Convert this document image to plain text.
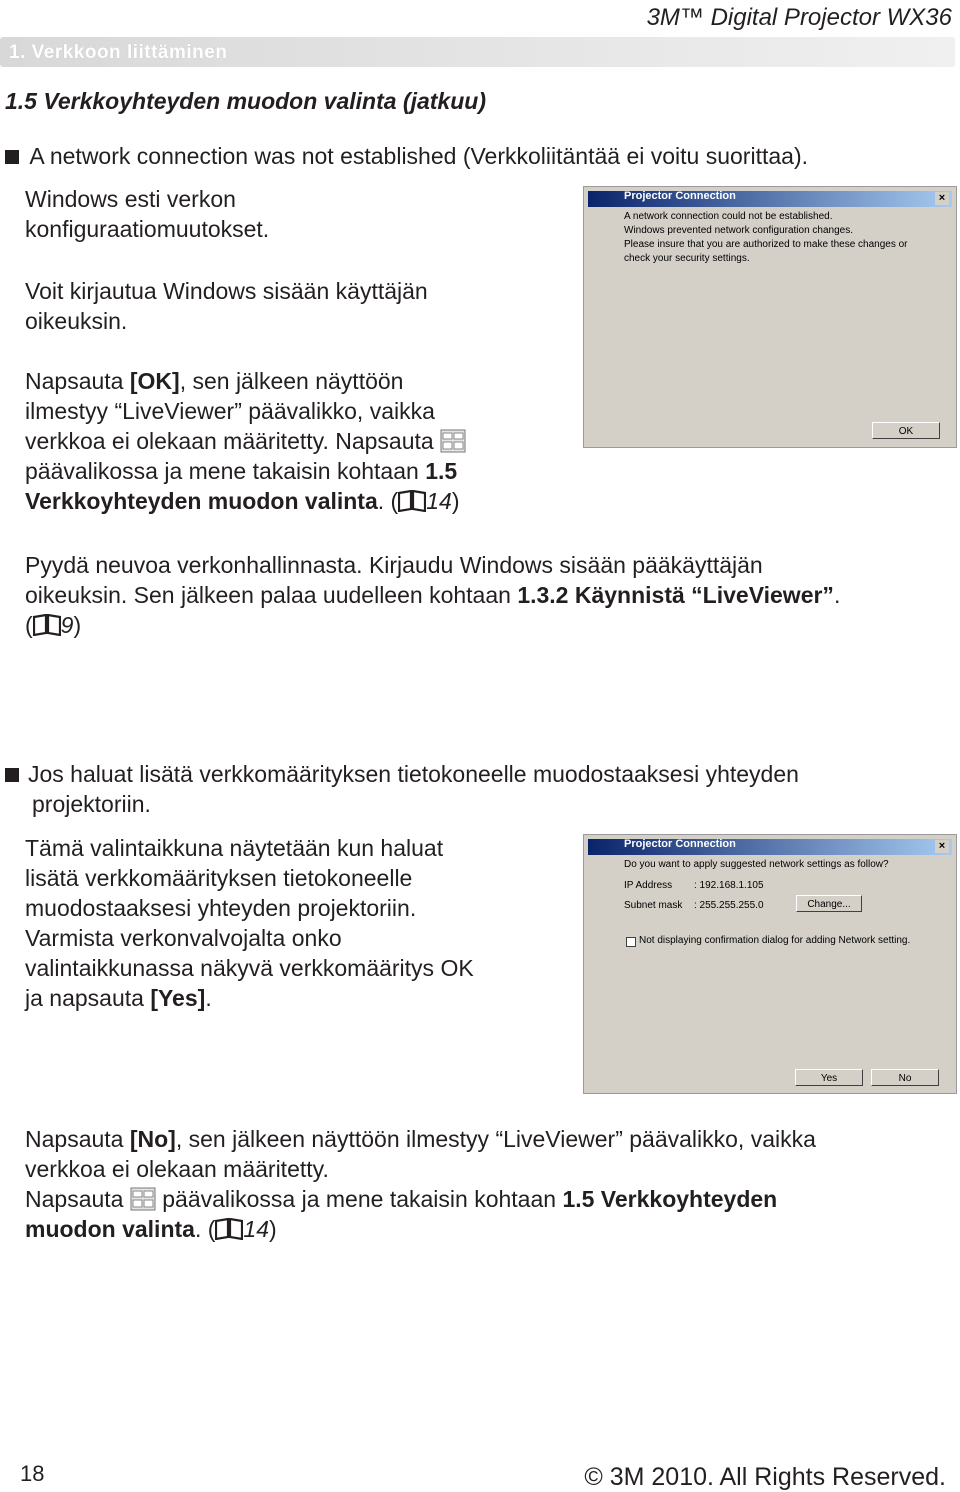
3M™ Digital Projector WX36
1. Verkkoon liittäminen
1.5 Verkkoyhteyden muodon valinta (jatkuu)
A network connection was not established (Verkkoliitäntää ei voitu suorittaa).
Windows esti verkon
konfiguraatiomuutokset.
Voit kirjautua Windows sisään käyttäjän
oikeuksin.
Napsauta [OK], sen jälkeen näyttöön
ilmestyy “LiveViewer” päävalikko, vaikka
verkkoa ei olekaan määritetty. Napsauta
päävalikossa ja mene takaisin kohtaan 1.5
Verkkoyhteyden muodon valinta. ( 14)
Projector Connection	×
A network connection could not be established.
Windows prevented network configuration changes.
Please insure that you are authorized to make these changes or
check your security settings.
OK
Pyydä neuvoa verkonhallinnasta. Kirjaudu Windows sisään pääkäyttäjän
oikeuksin. Sen jälkeen palaa uudelleen kohtaan 1.3.2 Käynnistä “LiveViewer”.
( 9)
Jos haluat lisätä verkkomäärityksen tietokoneelle muodostaaksesi yhteyden
projektoriin.
Tämä valintaikkuna näytetään kun haluat
lisätä verkkomäärityksen tietokoneelle
muodostaaksesi yhteyden projektoriin.
Varmista verkonvalvojalta onko
valintaikkunassa näkyvä verkkomääritys OK
ja napsauta [Yes].
Projector Connection	×
Do you want to apply suggested network settings as follow?
IP Address : 192.168.1.105
Subnet mask : 255.255.255.0	Change...
Not displaying confirmation dialog for adding Network setting.
Yes	No
Napsauta [No], sen jälkeen näyttöön ilmestyy “LiveViewer” päävalikko, vaikka
verkkoa ei olekaan määritetty.
Napsauta  päävalikossa ja mene takaisin kohtaan 1.5 Verkkoyhteyden
muodon valinta. ( 14)
18	© 3M 2010. All Rights Reserved.
